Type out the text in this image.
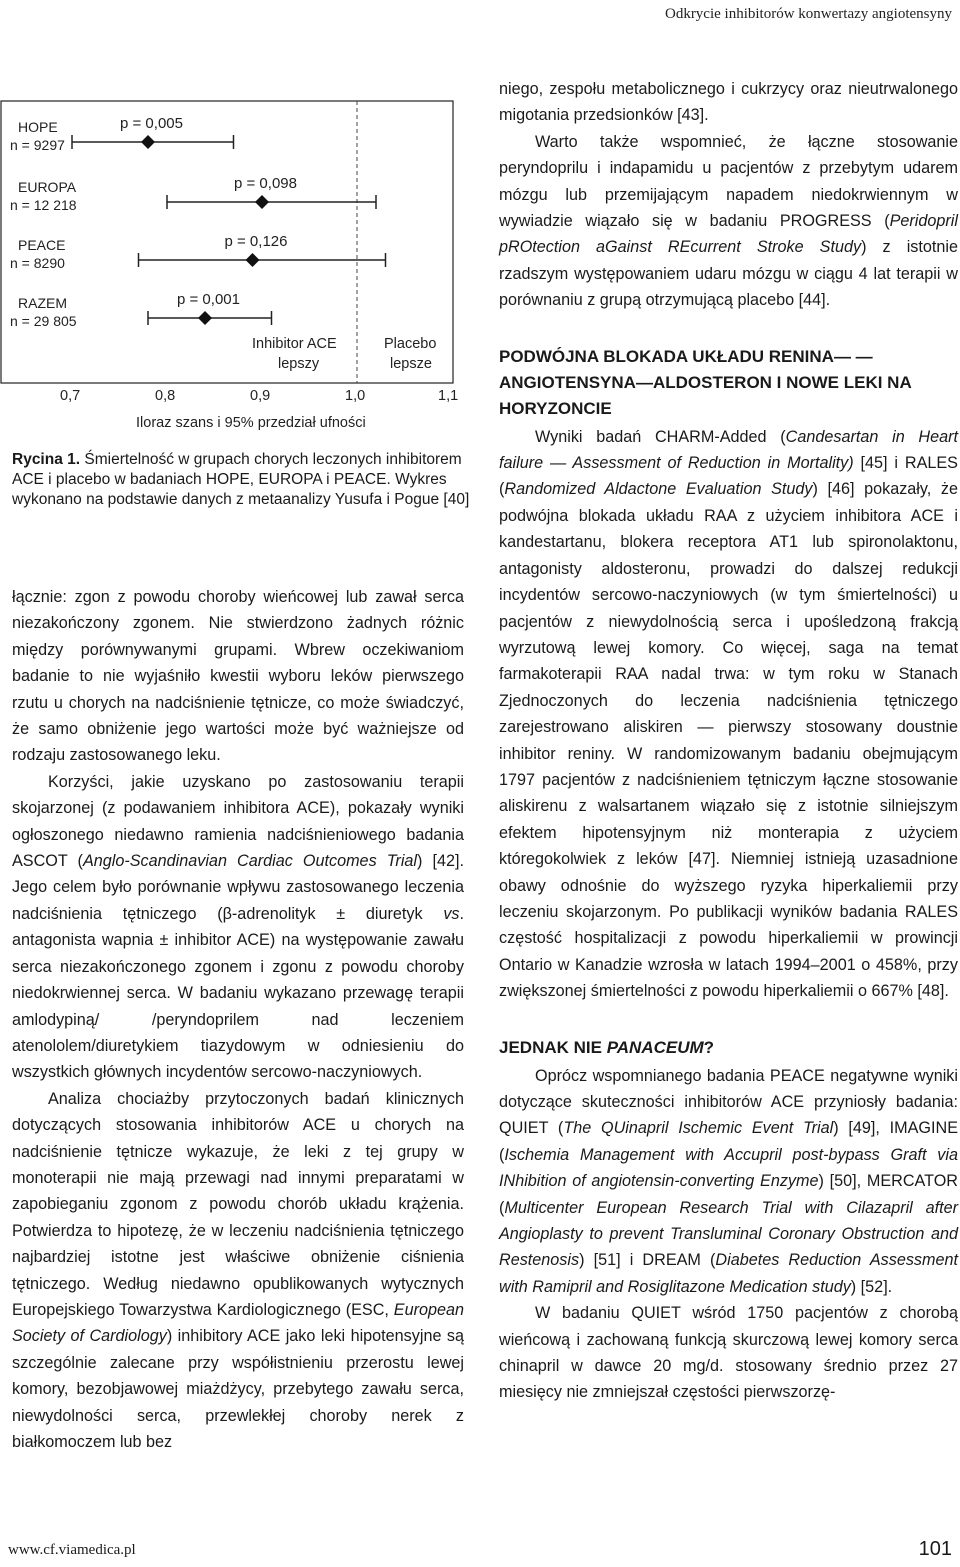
Odkrycie inhibitorów konwertazy angiotensyny
HOPE
n = 9297
p = 0,005
EUROPA
n = 12 218
p = 0,098
PEACE
n = 8290
p = 0,126
RAZEM
n = 29 805
p = 0,001
Inhibitor ACE
lepszy
Placebo
lepsze
0,7	0,8	0,9	1,0	1,1
Iloraz szans i 95% przedział ufności
Rycina 1. Śmiertelność w grupach chorych leczonych inhibitorem ACE i placebo w badaniach HOPE, EUROPA i PEACE. Wykres wykonano na podstawie danych z metaanalizy Yusufa i Pogue [40]

łącznie: zgon z powodu choroby wieńcowej lub zawał serca niezakończony zgonem. Nie stwierdzono żadnych różnic między porównywanymi grupami. Wbrew oczekiwaniom badanie to nie wyjaśniło kwestii wyboru leków pierwszego rzutu u chorych na nadciśnienie tętnicze, co może świadczyć, że samo obniżenie jego wartości może być ważniejsze od rodzaju zastosowanego leku.

Korzyści, jakie uzyskano po zastosowaniu terapii skojarzonej (z podawaniem inhibitora ACE), pokazały wyniki ogłoszonego niedawno ramienia nadciśnieniowego badania ASCOT (Anglo-Scandinavian Cardiac Outcomes Trial) [42]. Jego celem było porównanie wpływu zastosowanego leczenia nadciśnienia tętniczego (β-adrenolityk ± diuretyk vs. antagonista wapnia ± inhibitor ACE) na występowanie zawału serca niezakończonego zgonem i zgonu z powodu choroby niedokrwiennej serca. W badaniu wykazano przewagę terapii amlodypiną/ /peryndoprilem nad leczeniem atenololem/diuretykiem tiazydowym w odniesieniu do wszystkich głównych incydentów sercowo-naczyniowych.

Analiza chociażby przytoczonych badań klinicznych dotyczących stosowania inhibitorów ACE u chorych na nadciśnienie tętnicze wykazuje, że leki z tej grupy w monoterapii nie mają przewagi nad innymi preparatami w zapobieganiu zgonom z powodu chorób układu krążenia. Potwierdza to hipotezę, że w leczeniu nadciśnienia tętniczego najbardziej istotne jest właściwe obniżenie ciśnienia tętniczego. Według niedawno opublikowanych wytycznych Europejskiego Towarzystwa Kardiologicznego (ESC, European Society of Cardiology) inhibitory ACE jako leki hipotensyjne są szczególnie zalecane przy współistnieniu przerostu lewej komory, bezobjawowej miażdżycy, przebytego zawału serca, niewydolności serca, przewlekłej choroby nerek z białkomoczem lub bez

niego, zespołu metabolicznego i cukrzycy oraz nieutrwalonego migotania przedsionków [43].

Warto także wspomnieć, że łączne stosowanie peryndoprilu i indapamidu u pacjentów z przebytym udarem mózgu lub przemijającym napadem niedokrwiennym w wywiadzie wiązało się w badaniu PROGRESS (Peridopril pROtection aGainst REcurrent Stroke Study) z istotnie rzadszym występowaniem udaru mózgu w ciągu 4 lat terapii w porównaniu z grupą otrzymującą placebo [44].

PODWÓJNA BLOKADA UKŁADU RENINA— —ANGIOTENSYNA—ALDOSTERON I NOWE LEKI NA HORYZONCIE

Wyniki badań CHARM-Added (Candesartan in Heart failure — Assessment of Reduction in Mortality) [45] i RALES (Randomized Aldactone Evaluation Study) [46] pokazały, że podwójna blokada układu RAA z użyciem inhibitora ACE i kandestartanu, blokera receptora AT1 lub spironolaktonu, antagonisty aldosteronu, prowadzi do dalszej redukcji incydentów sercowo-naczyniowych (w tym śmiertelności) u pacjentów z niewydolnością serca i upośledzoną frakcją wyrzutową lewej komory. Co więcej, saga na temat farmakoterapii RAA nadal trwa: w tym roku w Stanach Zjednoczonych do leczenia nadciśnienia tętniczego zarejestrowano aliskiren — pierwszy stosowany doustnie inhibitor reniny. W randomizowanym badaniu obejmującym 1797 pacjentów z nadciśnieniem tętniczym łączne stosowanie aliskirenu z walsartanem wiązało się z istotnie silniejszym efektem hipotensyjnym niż monterapia z użyciem któregokolwiek z leków [47]. Niemniej istnieją uzasadnione obawy odnośnie do wyższego ryzyka hiperkaliemii przy leczeniu skojarzonym. Po publikacji wyników badania RALES częstość hospitalizacji z powodu hiperkaliemii w prowincji Ontario w Kanadzie wzrosła w latach 1994–2001 o 458%, przy zwiększonej śmiertelności z powodu hiperkaliemii o 667% [48].

JEDNAK NIE PANACEUM?

Oprócz wspomnianego badania PEACE negatywne wyniki dotyczące skuteczności inhibitorów ACE przyniosły badania: QUIET (The QUinapril Ischemic Event Trial) [49], IMAGINE (Ischemia Management with Accupril post-bypass Graft via INhibition of angiotensin-converting Enzyme) [50], MERCATOR (Multicenter European Research Trial with Cilazapril after Angioplasty to prevent Transluminal Coronary Obstruction and Restenosis) [51] i DREAM (Diabetes Reduction Assessment with Ramipril and Rosiglitazone Medication study) [52].

W badaniu QUIET wśród 1750 pacjentów z chorobą wieńcową i zachowaną funkcją skurczową lewej komory serca chinapril w dawce 20 mg/d. stosowany średnio przez 27 miesięcy nie zmniejszał częstości pierwszorzę-

www.cf.viamedica.pl	101
